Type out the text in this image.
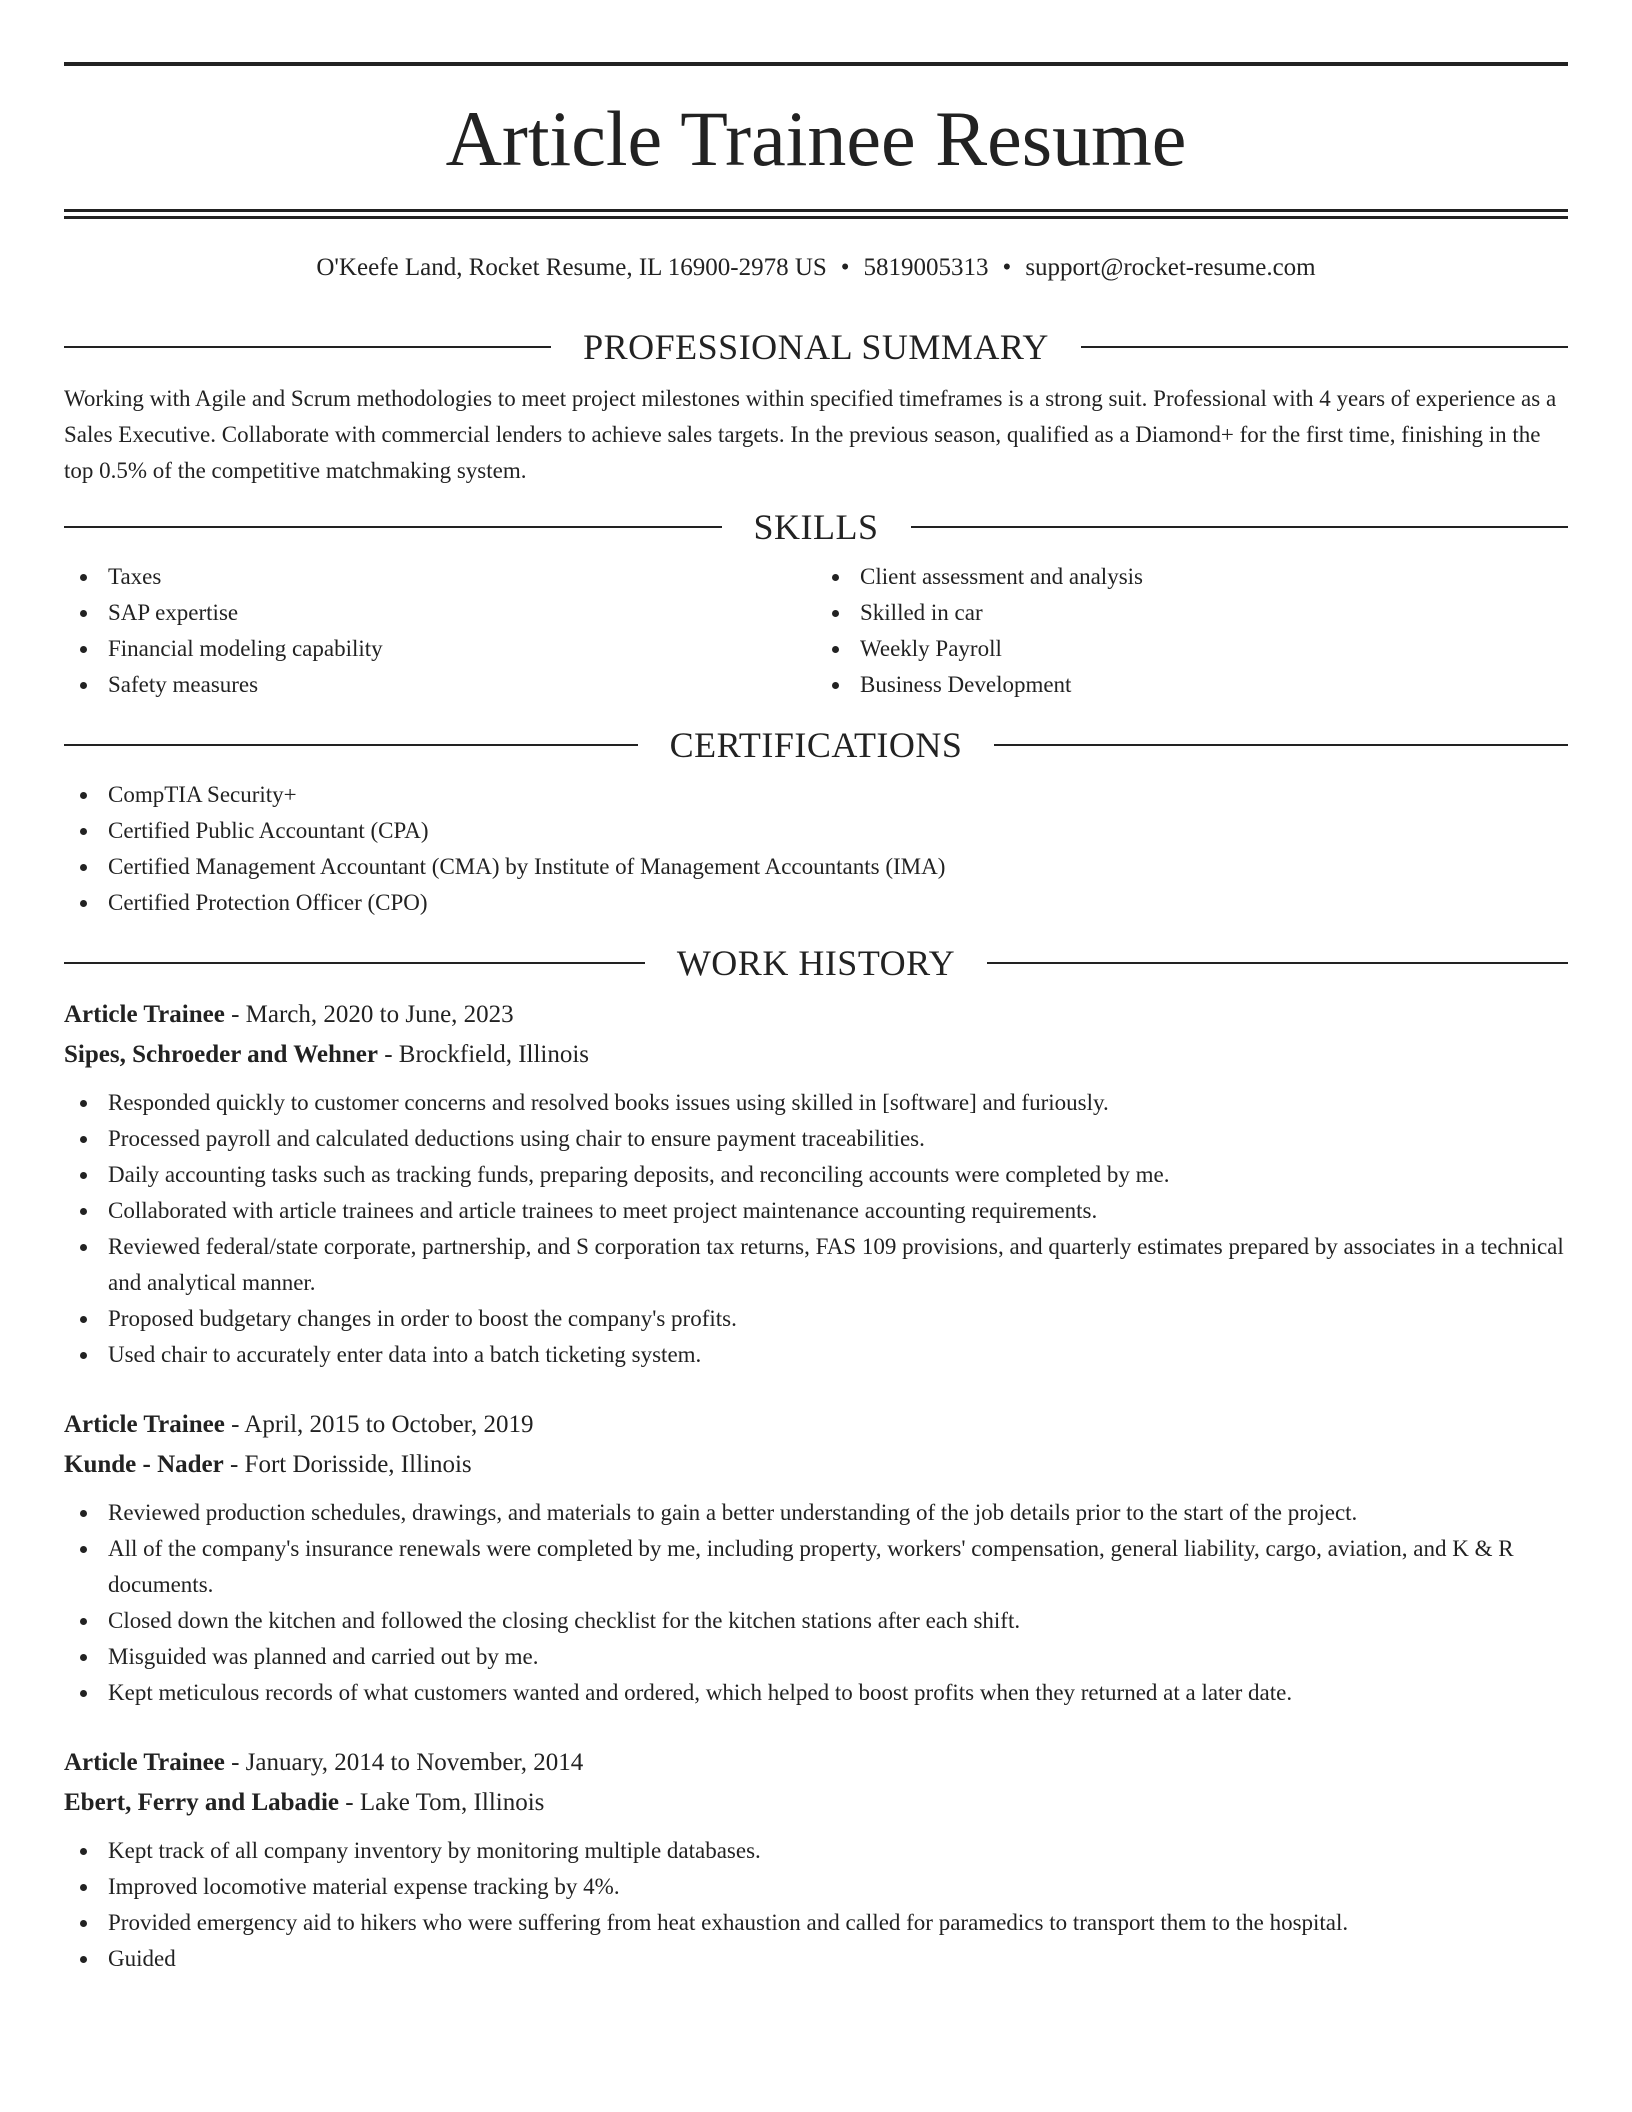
Article Trainee Resume
O'Keefe Land, Rocket Resume, IL 16900-2978 US • 5819005313 • support@rocket-resume.com
PROFESSIONAL SUMMARY

Working with Agile and Scrum methodologies to meet project milestones within specified timeframes is a strong suit. Professional with 4 years of experience as a Sales Executive. Collaborate with commercial lenders to achieve sales targets. In the previous season, qualified as a Diamond+ for the first time, finishing in the top 0.5% of the competitive matchmaking system.

SKILLS
Taxes
SAP expertise
Financial modeling capability
Safety measures
Client assessment and analysis
Skilled in car
Weekly Payroll
Business Development
CERTIFICATIONS
CompTIA Security+
Certified Public Accountant (CPA)
Certified Management Accountant (CMA) by Institute of Management Accountants (IMA)
Certified Protection Officer (CPO)
WORK HISTORY
Article Trainee - March, 2020 to June, 2023
Sipes, Schroeder and Wehner - Brockfield, Illinois
Responded quickly to customer concerns and resolved books issues using skilled in [software] and furiously.
Processed payroll and calculated deductions using chair to ensure payment traceabilities.
Daily accounting tasks such as tracking funds, preparing deposits, and reconciling accounts were completed by me.
Collaborated with article trainees and article trainees to meet project maintenance accounting requirements.
Reviewed federal/state corporate, partnership, and S corporation tax returns, FAS 109 provisions, and quarterly estimates prepared by associates in a technical and analytical manner.
Proposed budgetary changes in order to boost the company's profits.
Used chair to accurately enter data into a batch ticketing system.
Article Trainee - April, 2015 to October, 2019
Kunde - Nader - Fort Dorisside, Illinois
Reviewed production schedules, drawings, and materials to gain a better understanding of the job details prior to the start of the project.
All of the company's insurance renewals were completed by me, including property, workers' compensation, general liability, cargo, aviation, and K & R documents.
Closed down the kitchen and followed the closing checklist for the kitchen stations after each shift.
Misguided was planned and carried out by me.
Kept meticulous records of what customers wanted and ordered, which helped to boost profits when they returned at a later date.
Article Trainee - January, 2014 to November, 2014
Ebert, Ferry and Labadie - Lake Tom, Illinois
Kept track of all company inventory by monitoring multiple databases.
Improved locomotive material expense tracking by 4%.
Provided emergency aid to hikers who were suffering from heat exhaustion and called for paramedics to transport them to the hospital.
Guided
